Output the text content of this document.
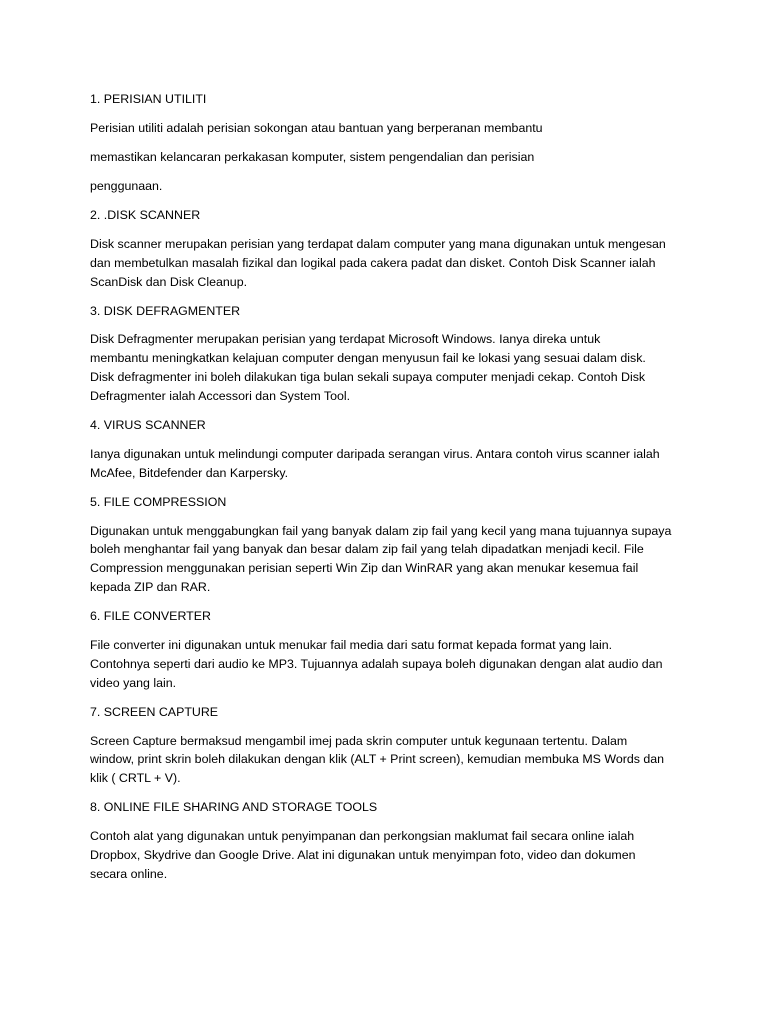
1. PERISIAN UTILITI

Perisian utiliti adalah perisian sokongan atau bantuan yang berperanan membantu

memastikan kelancaran perkakasan komputer, sistem pengendalian dan perisian

penggunaan.

2. .DISK SCANNER

Disk scanner merupakan perisian yang terdapat dalam computer yang mana digunakan untuk mengesan
dan membetulkan masalah fizikal dan logikal pada cakera padat dan disket. Contoh Disk Scanner ialah
ScanDisk dan Disk Cleanup.

3. DISK DEFRAGMENTER

Disk Defragmenter merupakan perisian yang terdapat Microsoft Windows. Ianya direka untuk
membantu meningkatkan kelajuan computer dengan menyusun fail ke lokasi yang sesuai dalam disk.
Disk defragmenter ini boleh dilakukan tiga bulan sekali supaya computer menjadi cekap. Contoh Disk
Defragmenter ialah Accessori dan System Tool.

4. VIRUS SCANNER

Ianya digunakan untuk melindungi computer daripada serangan virus. Antara contoh virus scanner ialah
McAfee, Bitdefender dan Karpersky.

5. FILE COMPRESSION

Digunakan untuk menggabungkan fail yang banyak dalam zip fail yang kecil yang mana tujuannya supaya
boleh menghantar fail yang banyak dan besar dalam zip fail yang telah dipadatkan menjadi kecil. File
Compression menggunakan perisian seperti Win Zip dan WinRAR yang akan menukar kesemua fail
kepada ZIP dan RAR.

6. FILE CONVERTER

File converter ini digunakan untuk menukar fail media dari satu format kepada format yang lain.
Contohnya seperti dari audio ke MP3. Tujuannya adalah supaya boleh digunakan dengan alat audio dan
video yang lain.

7. SCREEN CAPTURE

Screen Capture bermaksud mengambil imej pada skrin computer untuk kegunaan tertentu. Dalam
window, print skrin boleh dilakukan dengan klik (ALT + Print screen), kemudian membuka MS Words dan
klik ( CRTL + V).

8. ONLINE FILE SHARING AND STORAGE TOOLS

Contoh alat yang digunakan untuk penyimpanan dan perkongsian maklumat fail secara online ialah
Dropbox, Skydrive dan Google Drive. Alat ini digunakan untuk menyimpan foto, video dan dokumen
secara online.
